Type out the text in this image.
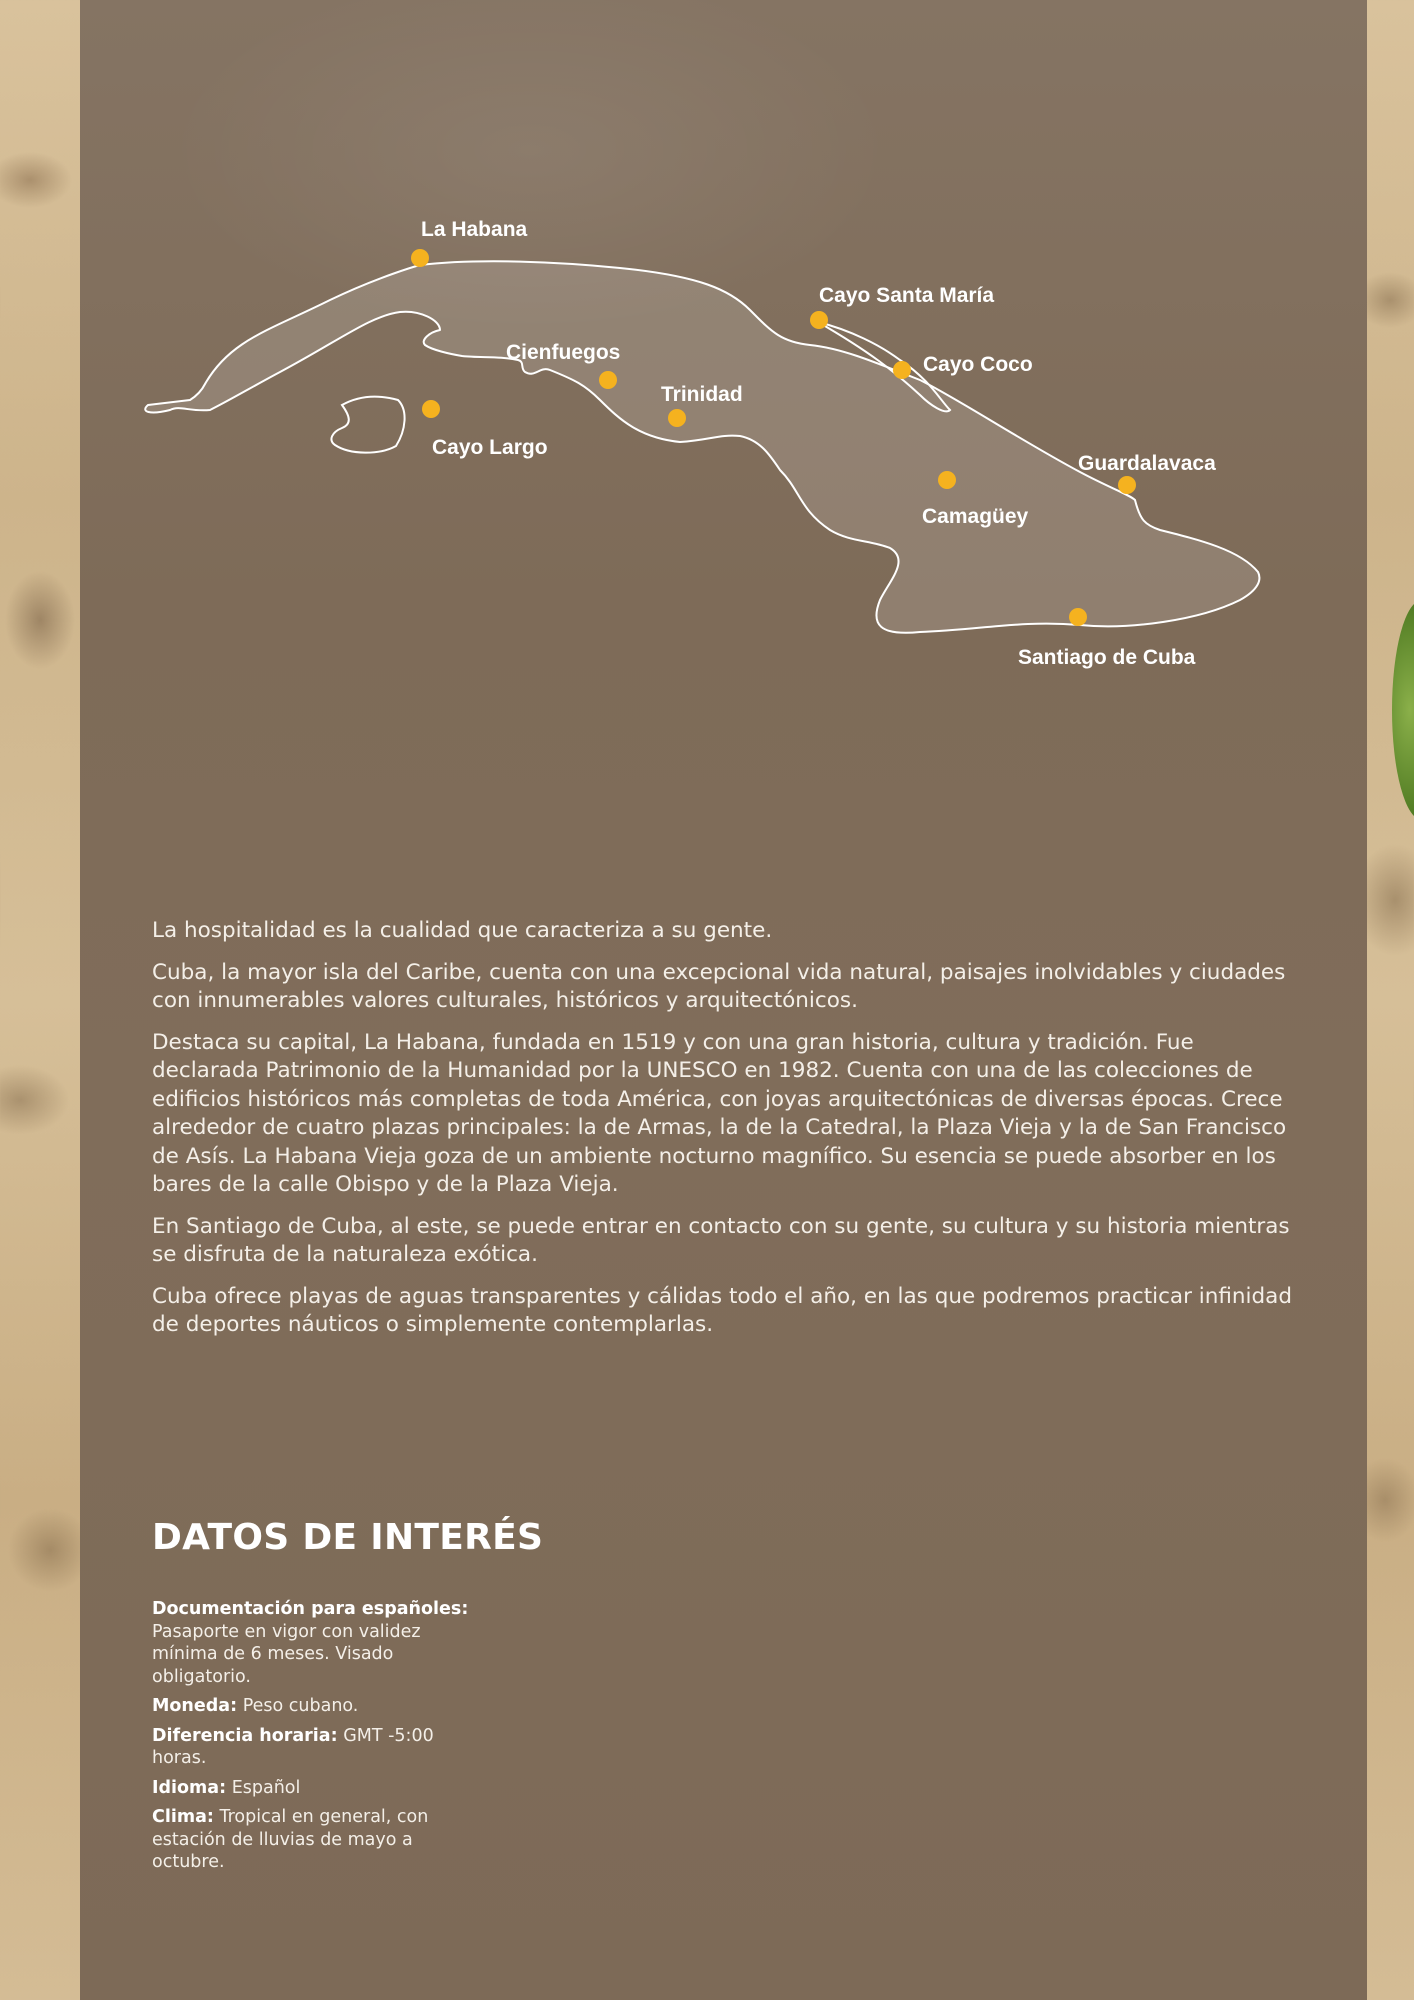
La Habana
Cayo Santa María
Cienfuegos
Cayo Coco
Trinidad
Cayo Largo
Guardalavaca
Camagüey
Santiago de Cuba

La hospitalidad es la cualidad que caracteriza a su gente.

Cuba, la mayor isla del Caribe, cuenta con una excepcional vida natural, paisajes inolvidables y ciudades con innumerables valores culturales, históricos y arquitectónicos.

Destaca su capital, La Habana, fundada en 1519 y con una gran historia, cultura y tradición. Fue declarada Patrimonio de la Humanidad por la UNESCO en 1982. Cuenta con una de las colecciones de edificios históricos más completas de toda América, con joyas arquitectónicas de diversas épocas. Crece alrededor de cuatro plazas principales: la de Armas, la de la Catedral, la Plaza Vieja y la de San Francisco de Asís. La Habana Vieja goza de un ambiente nocturno magnífico. Su esencia se puede absorber en los bares de la calle Obispo y de la Plaza Vieja.

En Santiago de Cuba, al este, se puede entrar en contacto con su gente, su cultura y su historia mientras se disfruta de la naturaleza exótica.

Cuba ofrece playas de aguas transparentes y cálidas todo el año, en las que podremos practicar infinidad de deportes náuticos o simplemente contemplarlas.

DATOS DE INTERÉS

Documentación para españoles: Pasaporte en vigor con validez mínima de 6 meses. Visado obligatorio.

Moneda: Peso cubano.

Diferencia horaria: GMT -5:00 horas.

Idioma: Español

Clima: Tropical en general, con estación de lluvias de mayo a octubre.
